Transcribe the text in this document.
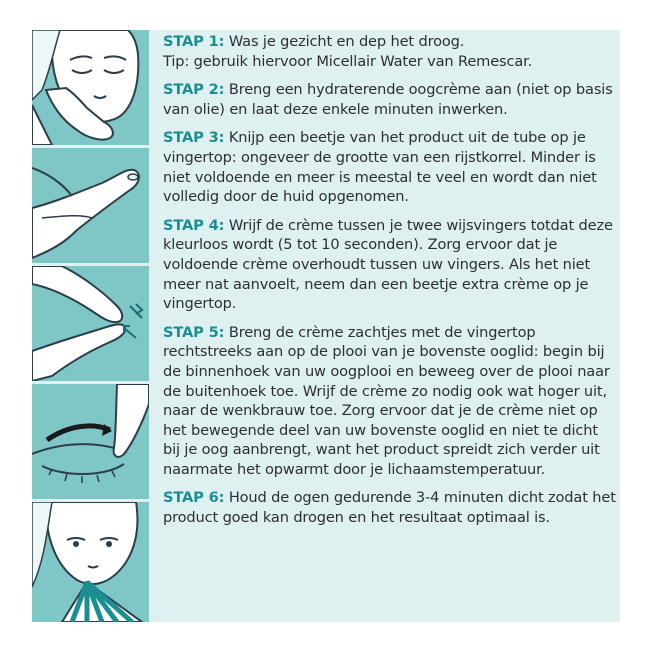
STAP 1: Was je gezicht en dep het droog.
Tip: gebruik hiervoor Micellair Water van Remescar.

STAP 2: Breng een hydraterende oogcrème aan (niet op basis van olie) en laat deze enkele minuten inwerken.

STAP 3: Knijp een beetje van het product uit de tube op je vingertop: ongeveer de grootte van een rijstkorrel. Minder is niet voldoende en meer is meestal te veel en wordt dan niet volledig door de huid opgenomen.

STAP 4: Wrijf de crème tussen je twee wijsvingers totdat deze kleurloos wordt (5 tot 10 seconden). Zorg ervoor dat je voldoende crème overhoudt tussen uw vingers. Als het niet meer nat aanvoelt, neem dan een beetje extra crème op je vingertop.

STAP 5: Breng de crème zachtjes met de vingertop rechtstreeks aan op de plooi van je bovenste ooglid: begin bij de binnenhoek van uw oogplooi en beweeg over de plooi naar de buitenhoek toe. Wrijf de crème zo nodig ook wat hoger uit, naar de wenkbrauw toe. Zorg ervoor dat je de crème niet op het bewegende deel van uw bovenste ooglid en niet te dicht bij je oog aanbrengt, want het product spreidt zich verder uit naarmate het opwarmt door je lichaamstemperatuur.

STAP 6: Houd de ogen gedurende 3-4 minuten dicht zodat het product goed kan drogen en het resultaat optimaal is.
